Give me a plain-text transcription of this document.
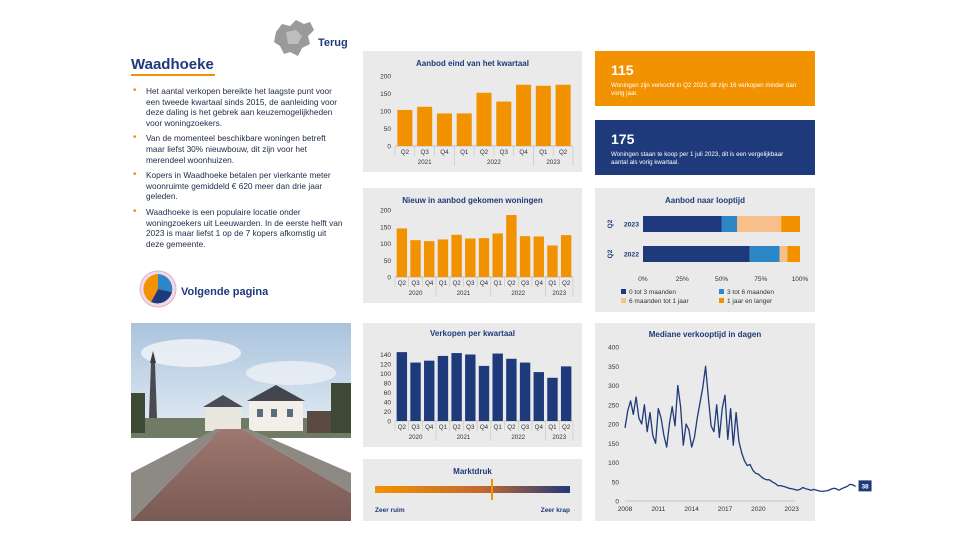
Terug
Waadhoeke
• Het aantal verkopen bereikte het laagste punt voor een tweede kwartaal sinds 2015, de aanleiding voor deze daling is het gebrek aan keuzemogelijkheden voor woningzoekers.
• Van de momenteel beschikbare woningen betreft maar liefst 30% nieuwbouw, dit zijn voor het merendeel woonhuizen.
• Kopers in Waadhoeke betalen per vierkante meter woonruimte gemiddeld € 620 meer dan drie jaar geleden.
• Waadhoeke is een populaire locatie onder woningzoekers uit Leeuwarden. In de eerste helft van 2023 is maar liefst 1 op de 7 kopers afkomstig uit deze gemeente.
Volgende pagina
Aanbod eind van het kwartaal
0
50
100
150
200
Q2 Q3 Q4 Q1 Q2 Q3 Q4 Q1 Q2
2021	2022	2023
Nieuw in aanbod gekomen woningen
0
50
100
150
200
Q2 Q3 Q4 Q1 Q2 Q3 Q4 Q1 Q2 Q3 Q4 Q1 Q2
2020	2021	2022	2023
Verkopen per kwartaal
0
20
40
60
80
100
120
140
Q2 Q3 Q4 Q1 Q2 Q3 Q4 Q1 Q2 Q3 Q4 Q1 Q2
2020	2021	2022	2023
Marktdruk
Zeer ruim	Zeer krap
115
Woningen zijn verkocht in Q2 2023, dit zijn 16 verkopen minder dan vorig jaar.
175
Woningen staan te koop per 1 juli 2023, dit is een vergelijkbaar aantal als vorig kwartaal.
Aanbod naar looptijd
2023
Q2
2022
Q2
0%	25%	50%	75%	100%
0 tot 3 maanden	3 tot 6 maanden
6 maanden tot 1 jaar	1 jaar en langer
Mediane verkooptijd in dagen
0
50
100
150
200
250
300
350
400
2008	2011	2014	2017	2020	2023
38
